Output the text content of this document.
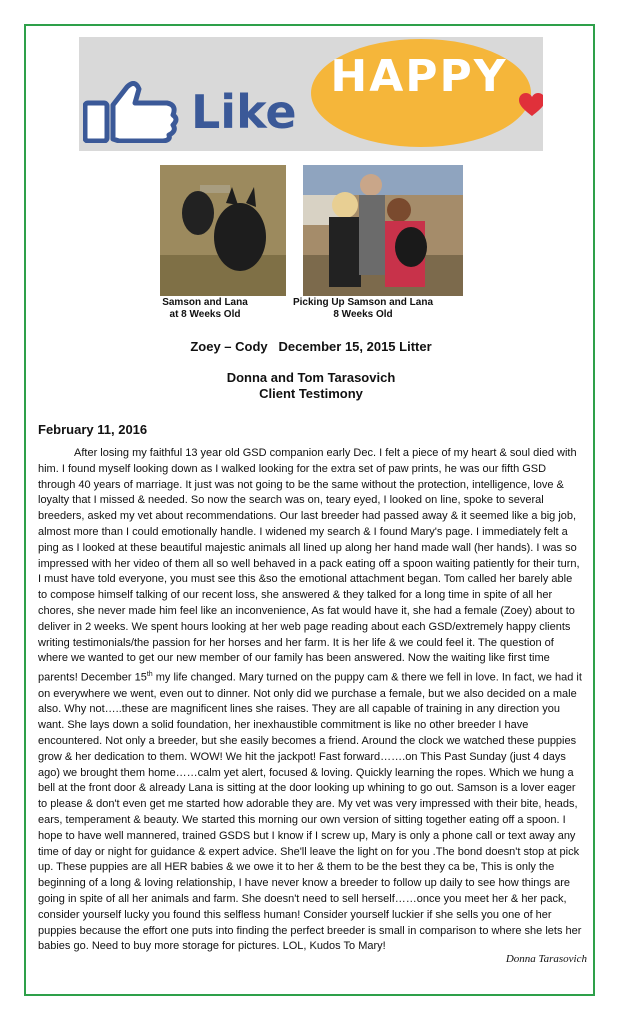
HAPPY
Like
Samson and Lana
at 8 Weeks Old
Picking Up Samson and Lana
8 Weeks Old
Zoey – Cody   December 15, 2015 Litter
Donna and Tom Tarasovich
Client Testimony
February 11, 2016

After losing my faithful 13 year old GSD companion early Dec. I felt a piece of my heart & soul died with him. I found myself looking down as I walked looking for the extra set of paw prints, he was our fifth GSD through 40 years of marriage. It just was not going to be the same without the protection, intelligence, love & loyalty that I missed & needed. So now the search was on, teary eyed, I looked on line, spoke to several breeders, asked my vet about recommendations. Our last breeder had passed away & it seemed like a big job, almost more than I could emotionally handle. I widened my search & I found Mary's page. I immediately felt a ping as I looked at these beautiful majestic animals all lined up along her hand made wall (her hands). I was so impressed with her video of them all so well behaved in a pack eating off a spoon waiting patiently for their turn, I must have told everyone, you must see this &so the emotional attachment began. Tom called her barely able to compose himself talking of our recent loss, she answered & they talked for a long time in spite of all her chores, she never made him feel like an inconvenience, As fat would have it, she had a female (Zoey) about to deliver in 2 weeks. We spent hours looking at her web page reading about each GSD/extremely happy clients writing testimonials/the passion for her horses and her farm. It is her life & we could feel it. The question of where we wanted to get our new member of our family has been answered. Now the waiting like first time parents! December 15th my life changed. Mary turned on the puppy cam & there we fell in love. In fact, we had it on everywhere we went, even out to dinner. Not only did we purchase a female, but we also decided on a male also. Why not…..these are magnificent lines she raises. They are all capable of training in any direction you want. She lays down a solid foundation, her inexhaustible commitment is like no other breeder I have encountered. Not only a breeder, but she easily becomes a friend. Around the clock we watched these puppies grow & her dedication to them. WOW! We hit the jackpot! Fast forward…….on This Past Sunday (just 4 days ago) we brought them home……calm yet alert, focused & loving. Quickly learning the ropes. Which we hung a bell at the front door & already Lana is sitting at the door looking up whining to go out. Samson is a lover eager to please & don't even get me started how adorable they are. My vet was very impressed with their bite, heads, ears, temperament & beauty. We started this morning our own version of sitting together eating off a spoon. I hope to have well mannered, trained GSDS but I know if I screw up, Mary is only a phone call or text away any time of day or night for guidance & expert advice. She'll leave the light on for you .The bond doesn't stop at pick up. These puppies are all HER babies & we owe it to her & them to be the best they ca be, This is only the beginning of a long & loving relationship, I have never know a breeder to follow up daily to see how things are going in spite of all her animals and farm. She doesn't need to sell herself……once you meet her & her pack, consider yourself lucky you found this selfless human! Consider yourself luckier if she sells you one of her puppies because the effort one puts into finding the perfect breeder is small in comparison to where she lets her babies go. Need to buy more storage for pictures. LOL, Kudos To Mary!

Donna Tarasovich
